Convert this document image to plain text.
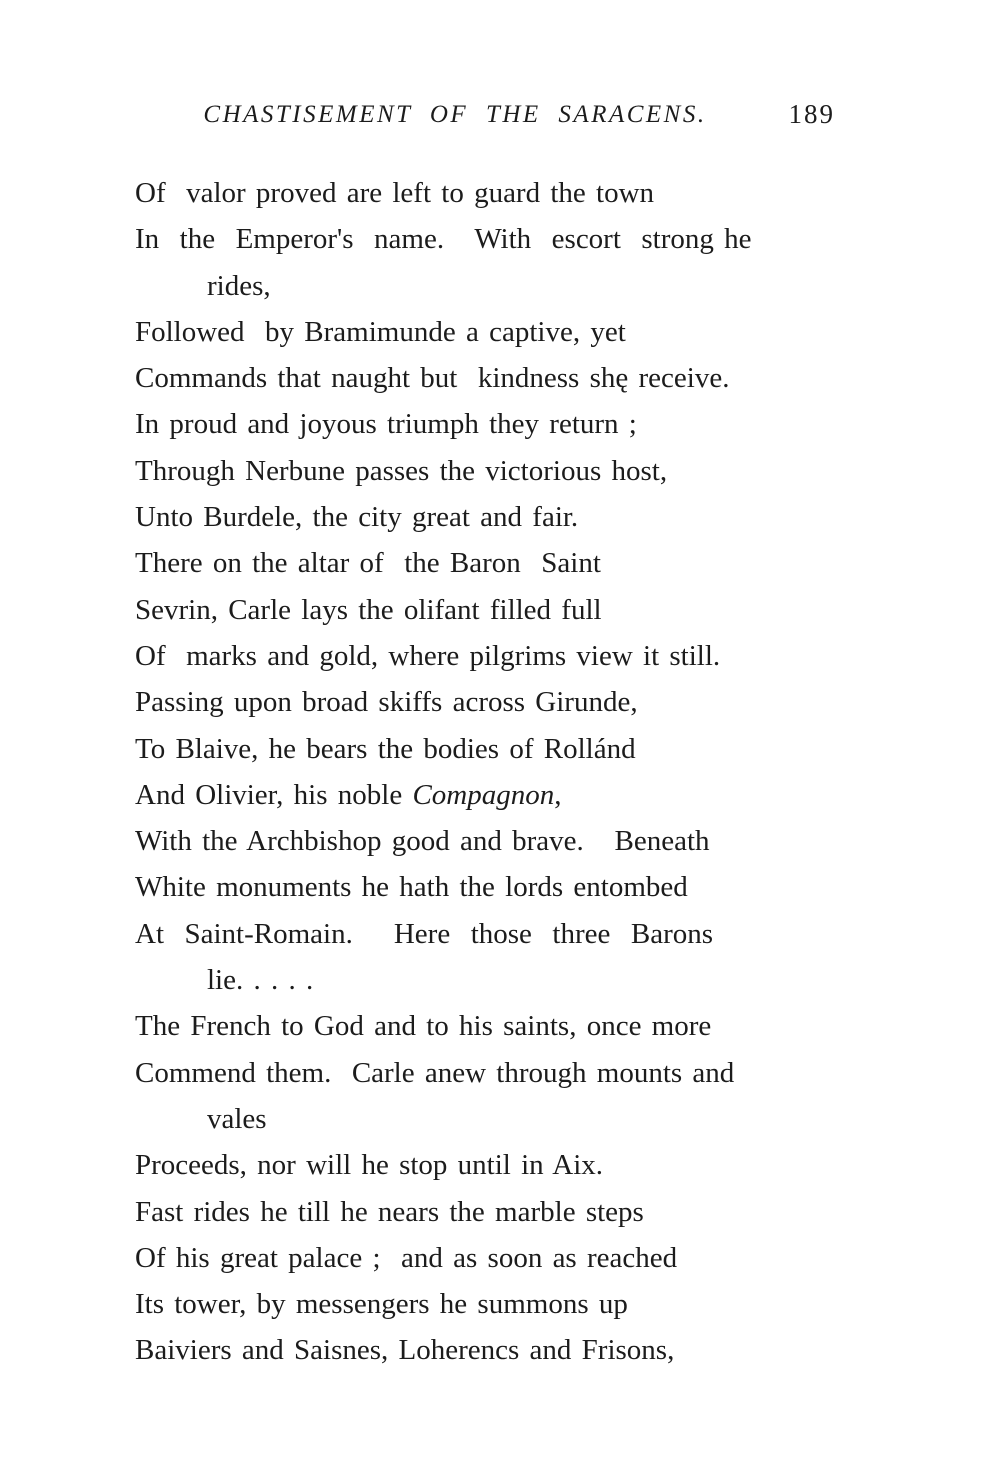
CHASTISEMENT OF THE SARACENS.	189
Of  valor proved are left to guard the town
In  the  Emperor's  name.   With  escort  strong he
rides,
Followed  by Bramimunde a captive, yet
Commands that naught but  kindness shę receive.
In proud and joyous triumph they return ;
Through Nerbune passes the victorious host,
Unto Burdele, the city great and fair.
There on the altar of  the Baron  Saint
Sevrin, Carle lays the olifant filled full
Of  marks and gold, where pilgrims view it still.
Passing upon broad skiffs across Girunde,
To Blaive, he bears the bodies of Rollánd
And Olivier, his noble Compagnon,
With the Archbishop good and brave.   Beneath
White monuments he hath the lords entombed
At  Saint-Romain.    Here  those  three  Barons
lie. . . . .
The French to God and to his saints, once more
Commend them.  Carle anew through mounts and
vales
Proceeds, nor will he stop until in Aix.
Fast rides he till he nears the marble steps
Of his great palace ;  and as soon as reached
Its tower, by messengers he summons up
Baiviers and Saisnes, Loherencs and Frisons,
